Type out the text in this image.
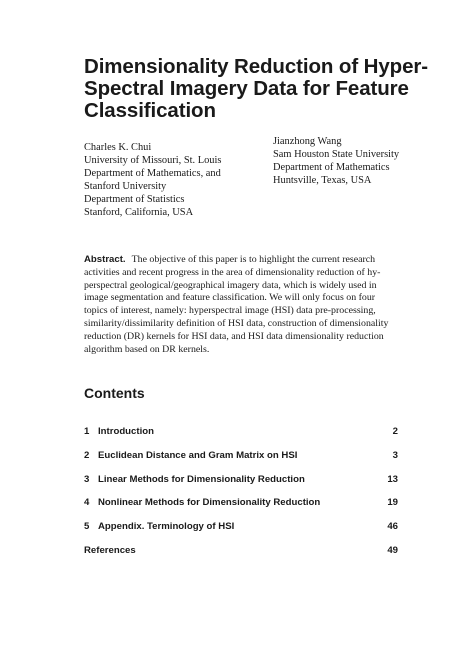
Dimensionality Reduction of Hyper-
Spectral Imagery Data for Feature
Classification
Charles K. Chui
University of Missouri, St. Louis
Department of Mathematics, and
Stanford University
Department of Statistics
Stanford, California, USA
Jianzhong Wang
Sam Houston State University
Department of Mathematics
Huntsville, Texas, USA
Abstract. The objective of this paper is to highlight the current research
activities and recent progress in the area of dimensionality reduction of hy-
perspectral geological/geographical imagery data, which is widely used in
image segmentation and feature classification. We will only focus on four
topics of interest, namely: hyperspectral image (HSI) data pre-processing,
similarity/dissimilarity definition of HSI data, construction of dimensionality
reduction (DR) kernels for HSI data, and HSI data dimensionality reduction
algorithm based on DR kernels.
Contents
1 Introduction	2
2 Euclidean Distance and Gram Matrix on HSI	3
3 Linear Methods for Dimensionality Reduction	13
4 Nonlinear Methods for Dimensionality Reduction	19
5 Appendix. Terminology of HSI	46
References	49
